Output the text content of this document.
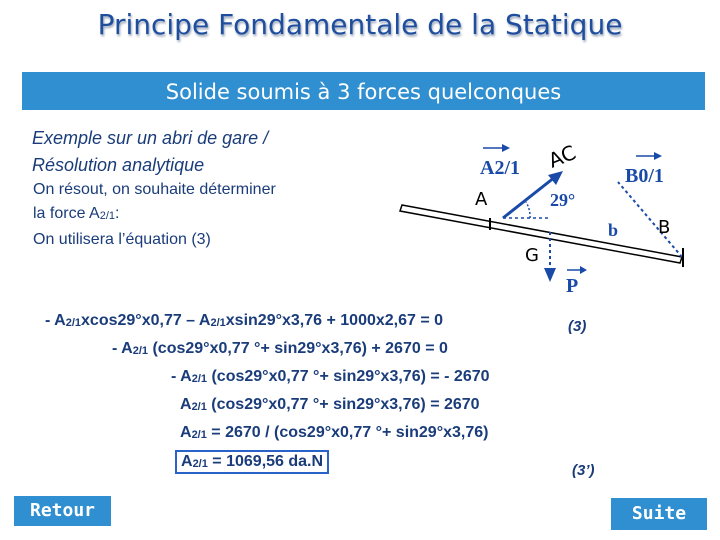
Principe Fondamentale de la Statique
Solide soumis à 3 forces quelconques
Exemple sur un abri de gare /
Résolution analytique
On résout, on souhaite déterminer
la force $A_{2/1}$:
On utilisera l’équation (3)
A2/1 AC
B0/1
A	29°
b B
G
P
- $A_{2/1}xcos29^\circ x0,77 - A_{2/1}xsin29^\circ x3,76 + 1000x2,67 = 0$	(3)
- $A_{2/1}$ (cos29°x0,77 °+ sin29°x3,76) + 2670 = 0
- $A_{2/1}$ (cos29°x0,77 °+ sin29°x3,76) = - 2670
$A_{2/1}$ (cos29°x0,77 °+ sin29°x3,76) = 2670
$A_{2/1} = 2670 / (\cos 29^\circ x0,77$ °+ sin29°x3,76)
$A_{2/1} = 1069,56$ da.N
(3’)
Retour	Suite
